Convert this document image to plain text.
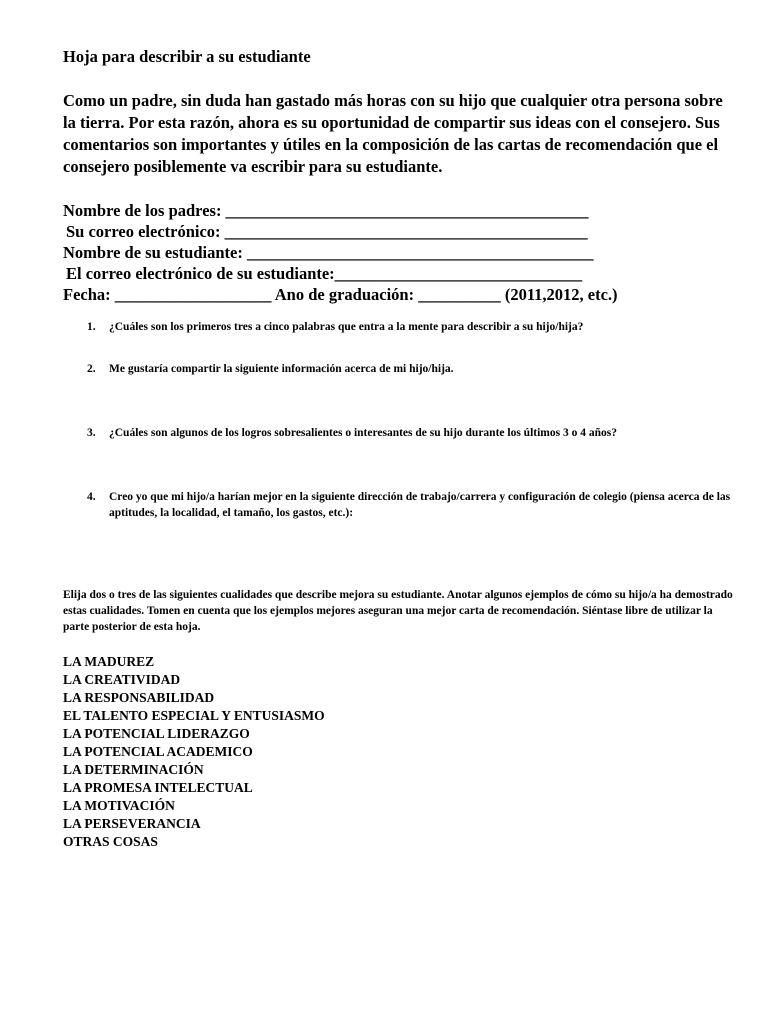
Hoja para describir a su estudiante
Como un padre, sin duda han gastado más horas con su hijo que cualquier otra persona sobre la tierra. Por esta razón, ahora es su oportunidad de compartir sus ideas con el consejero. Sus comentarios son importantes y útiles en la composición de las cartas de recomendación que el consejero posiblemente va escribir para su estudiante.
Nombre de los padres: ____________________________________________
Su correo electrónico: ____________________________________________
Nombre de su estudiante: __________________________________________
El correo electrónico de su estudiante:______________________________
Fecha: ___________________ Ano de graduación: __________ (2011,2012, etc.)
1. ¿Cuáles son los primeros tres a cinco palabras que entra a la mente para describir a su hijo/hija?
2. Me gustaría compartir la siguiente información acerca de mi hijo/hija.
3. ¿Cuáles son algunos de los logros sobresalientes o interesantes de su hijo durante los últimos 3 o 4 años?
4. Creo yo que mi hijo/a harían mejor en la siguiente dirección de trabajo/carrera y configuración de colegio (piensa acerca de las aptitudes, la localidad, el tamaño, los gastos, etc.):
Elija dos o tres de las siguientes cualidades que describe mejora su estudiante. Anotar algunos ejemplos de cómo su hijo/a ha demostrado estas cualidades. Tomen en cuenta que los ejemplos mejores aseguran una mejor carta de recomendación. Siéntase libre de utilizar la parte posterior de esta hoja.
LA MADUREZ
LA CREATIVIDAD
LA RESPONSABILIDAD
EL TALENTO ESPECIAL Y ENTUSIASMO
LA POTENCIAL LIDERAZGO
LA POTENCIAL ACADEMICO
LA DETERMINACIÓN
LA PROMESA INTELECTUAL
LA MOTIVACIÓN
LA PERSEVERANCIA
OTRAS COSAS
